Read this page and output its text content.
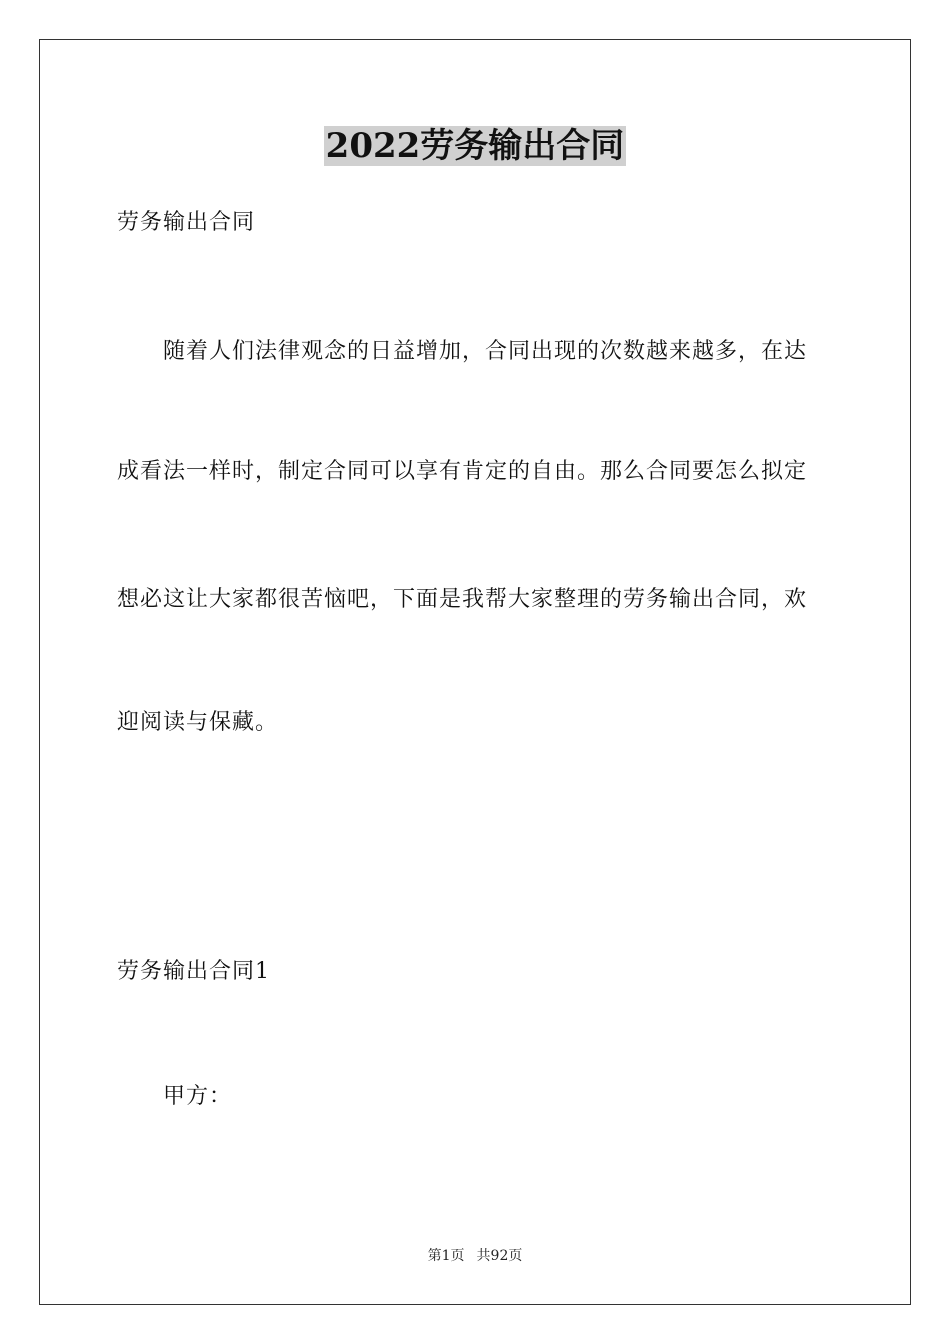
2022劳务输出合同
劳务输出合同
　　随着人们法律观念的日益增加，合同出现的次数越来越多，在达
成看法一样时，制定合同可以享有肯定的自由。那么合同要怎么拟定
想必这让大家都很苦恼吧，下面是我帮大家整理的劳务输出合同，欢
迎阅读与保藏。
劳务输出合同1
　　甲方：
第1页 共92页
